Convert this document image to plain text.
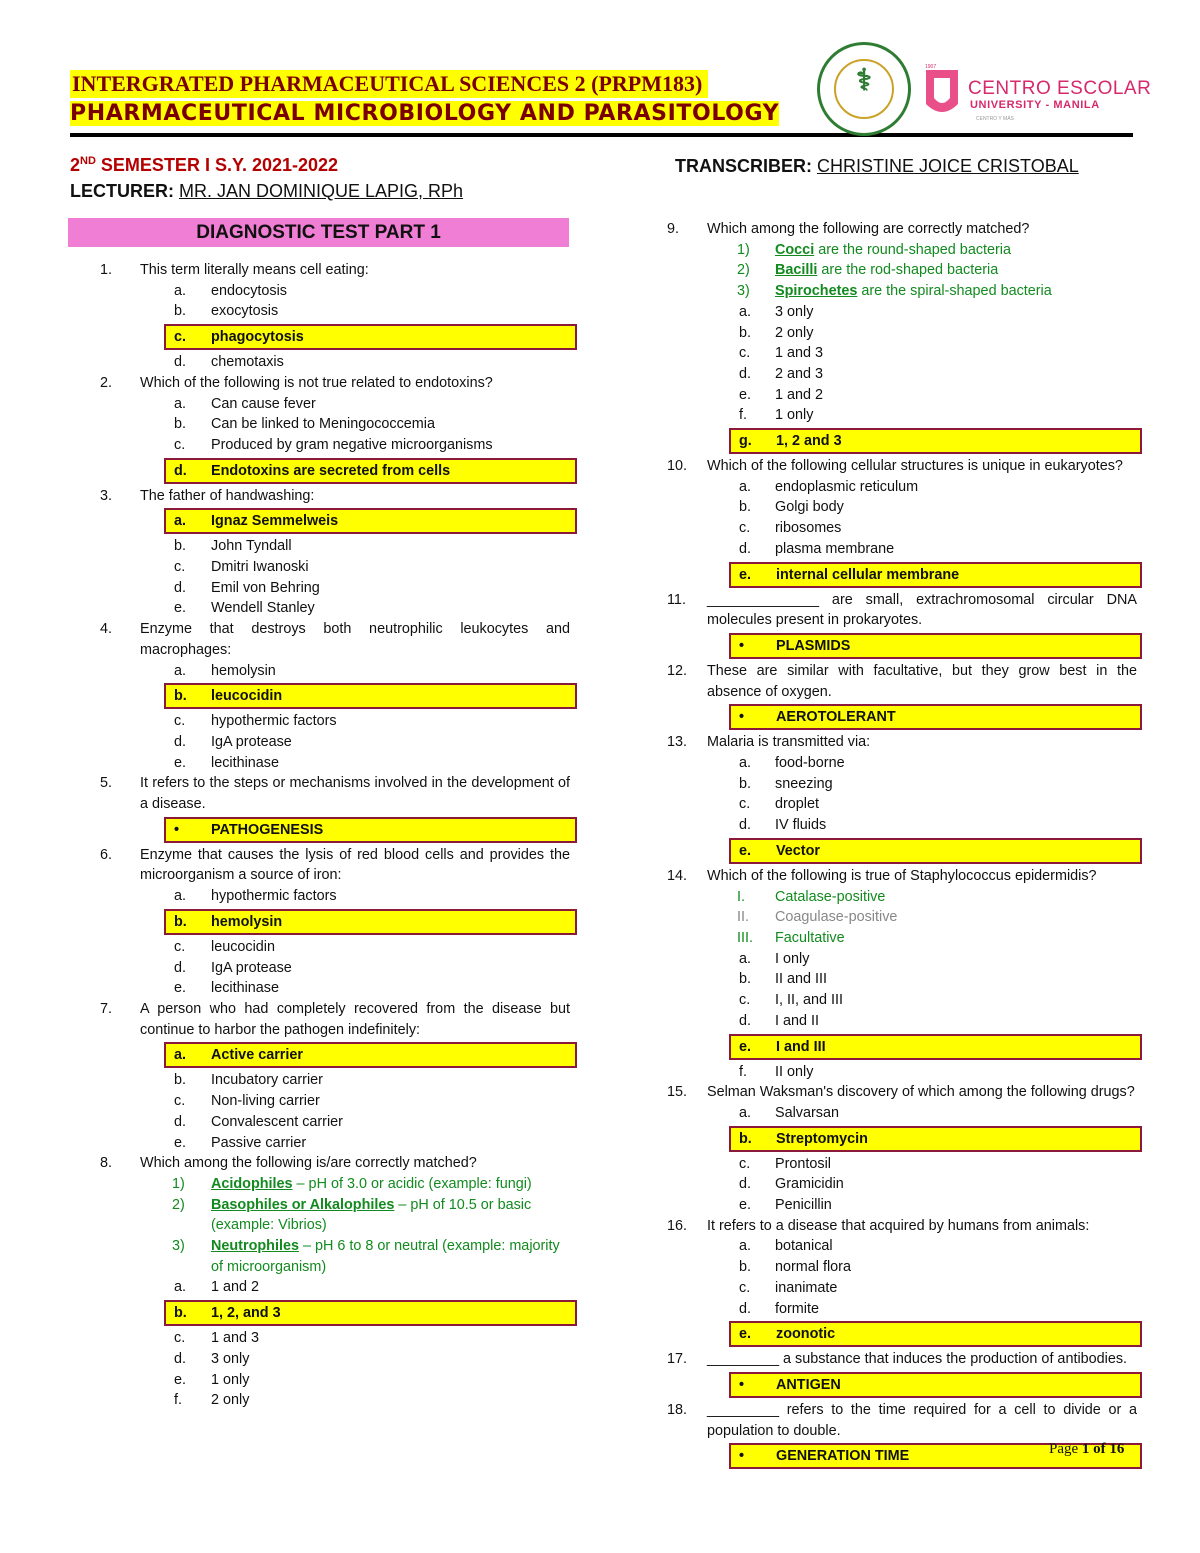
INTERGRATED PHARMACEUTICAL SCIENCES 2 (PRPM183)
PHARMACEUTICAL MICROBIOLOGY AND PARASITOLOGY
⚕	1907
CENTRO ESCOLAR
UNIVERSITY - MANILA
CENTRO Y MÁS
2ND SEMESTER I S.Y. 2021-2022
LECTURER: MR. JAN DOMINIQUE LAPIG, RPh
TRANSCRIBER: CHRISTINE JOICE CRISTOBAL
DIAGNOSTIC TEST PART 1
1. This term literally means cell eating:
a. endocytosis
b. exocytosis
c. phagocytosis
d. chemotaxis
2. Which of the following is not true related to endotoxins?
a. Can cause fever
b. Can be linked to Meningococcemia
c. Produced by gram negative microorganisms
d. Endotoxins are secreted from cells
3. The father of handwashing:
a. Ignaz Semmelweis
b. John Tyndall
c. Dmitri Iwanoski
d. Emil von Behring
e. Wendell Stanley
4. Enzyme that destroys both neutrophilic leukocytes and macrophages:
a. hemolysin
b. leucocidin
c. hypothermic factors
d. IgA protease
e. lecithinase
5. It refers to the steps or mechanisms involved in the development of a disease.
• PATHOGENESIS
6. Enzyme that causes the lysis of red blood cells and provides the microorganism a source of iron:
a. hypothermic factors
b. hemolysin
c. leucocidin
d. IgA protease
e. lecithinase
7. A person who had completely recovered from the disease but continue to harbor the pathogen indefinitely:
a. Active carrier
b. Incubatory carrier
c. Non-living carrier
d. Convalescent carrier
e. Passive carrier
8. Which among the following is/are correctly matched?
1) Acidophiles – pH of 3.0 or acidic (example: fungi)
2) Basophiles or Alkalophiles – pH of 10.5 or basic (example: Vibrios)
3) Neutrophiles – pH 6 to 8 or neutral (example: majority of microorganism)
a. 1 and 2
b. 1, 2, and 3
c. 1 and 3
d. 3 only
e. 1 only
f. 2 only
9. Which among the following are correctly matched?
1) Cocci are the round-shaped bacteria
2) Bacilli are the rod-shaped bacteria
3) Spirochetes are the spiral-shaped bacteria
a. 3 only
b. 2 only
c. 1 and 3
d. 2 and 3
e. 1 and 2
f. 1 only
g. 1, 2 and 3
10. Which of the following cellular structures is unique in eukaryotes?
a. endoplasmic reticulum
b. Golgi body
c. ribosomes
d. plasma membrane
e. internal cellular membrane
11. ______________ are small, extrachromosomal circular DNA molecules present in prokaryotes.
• PLASMIDS
12. These are similar with facultative, but they grow best in the absence of oxygen.
• AEROTOLERANT
13. Malaria is transmitted via:
a. food-borne
b. sneezing
c. droplet
d. IV fluids
e. Vector
14. Which of the following is true of Staphylococcus epidermidis?
I. Catalase-positive
II. Coagulase-positive
III. Facultative
a. I only
b. II and III
c. I, II, and III
d. I and II
e. I and III
f. II only
15. Selman Waksman's discovery of which among the following drugs?
a. Salvarsan
b. Streptomycin
c. Prontosil
d. Gramicidin
e. Penicillin
16. It refers to a disease that acquired by humans from animals:
a. botanical
b. normal flora
c. inanimate
d. formite
e. zoonotic
17. _________ a substance that induces the production of antibodies.
• ANTIGEN
18. _________ refers to the time required for a cell to divide or a population to double.
• GENERATION TIME	Page 1 of 16
